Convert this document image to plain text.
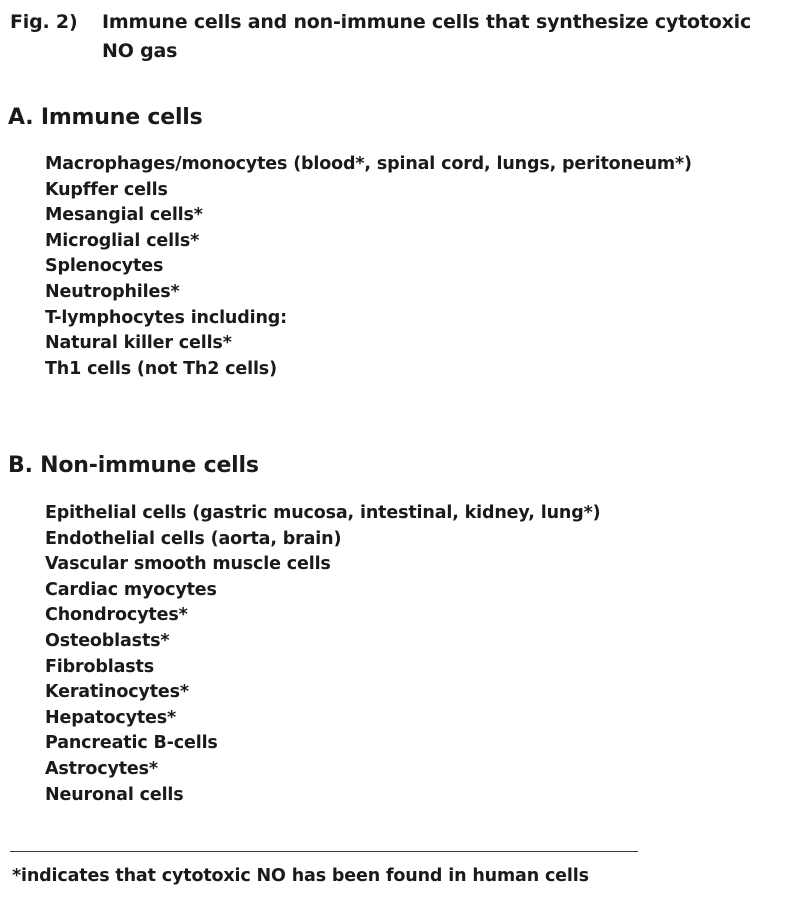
Fig. 2) Immune cells and non-immune cells that synthesize cytotoxic NO gas
A. Immune cells
Macrophages/monocytes (blood*, spinal cord, lungs, peritoneum*)
Kupffer cells
Mesangial cells*
Microglial cells*
Splenocytes
Neutrophiles*
T-lymphocytes including:
Natural killer cells*
Th1 cells (not Th2 cells)
B. Non-immune cells
Epithelial cells (gastric mucosa, intestinal, kidney, lung*)
Endothelial cells (aorta, brain)
Vascular smooth muscle cells
Cardiac myocytes
Chondrocytes*
Osteoblasts*
Fibroblasts
Keratinocytes*
Hepatocytes*
Pancreatic B-cells
Astrocytes*
Neuronal cells
*indicates that cytotoxic NO has been found in human cells
